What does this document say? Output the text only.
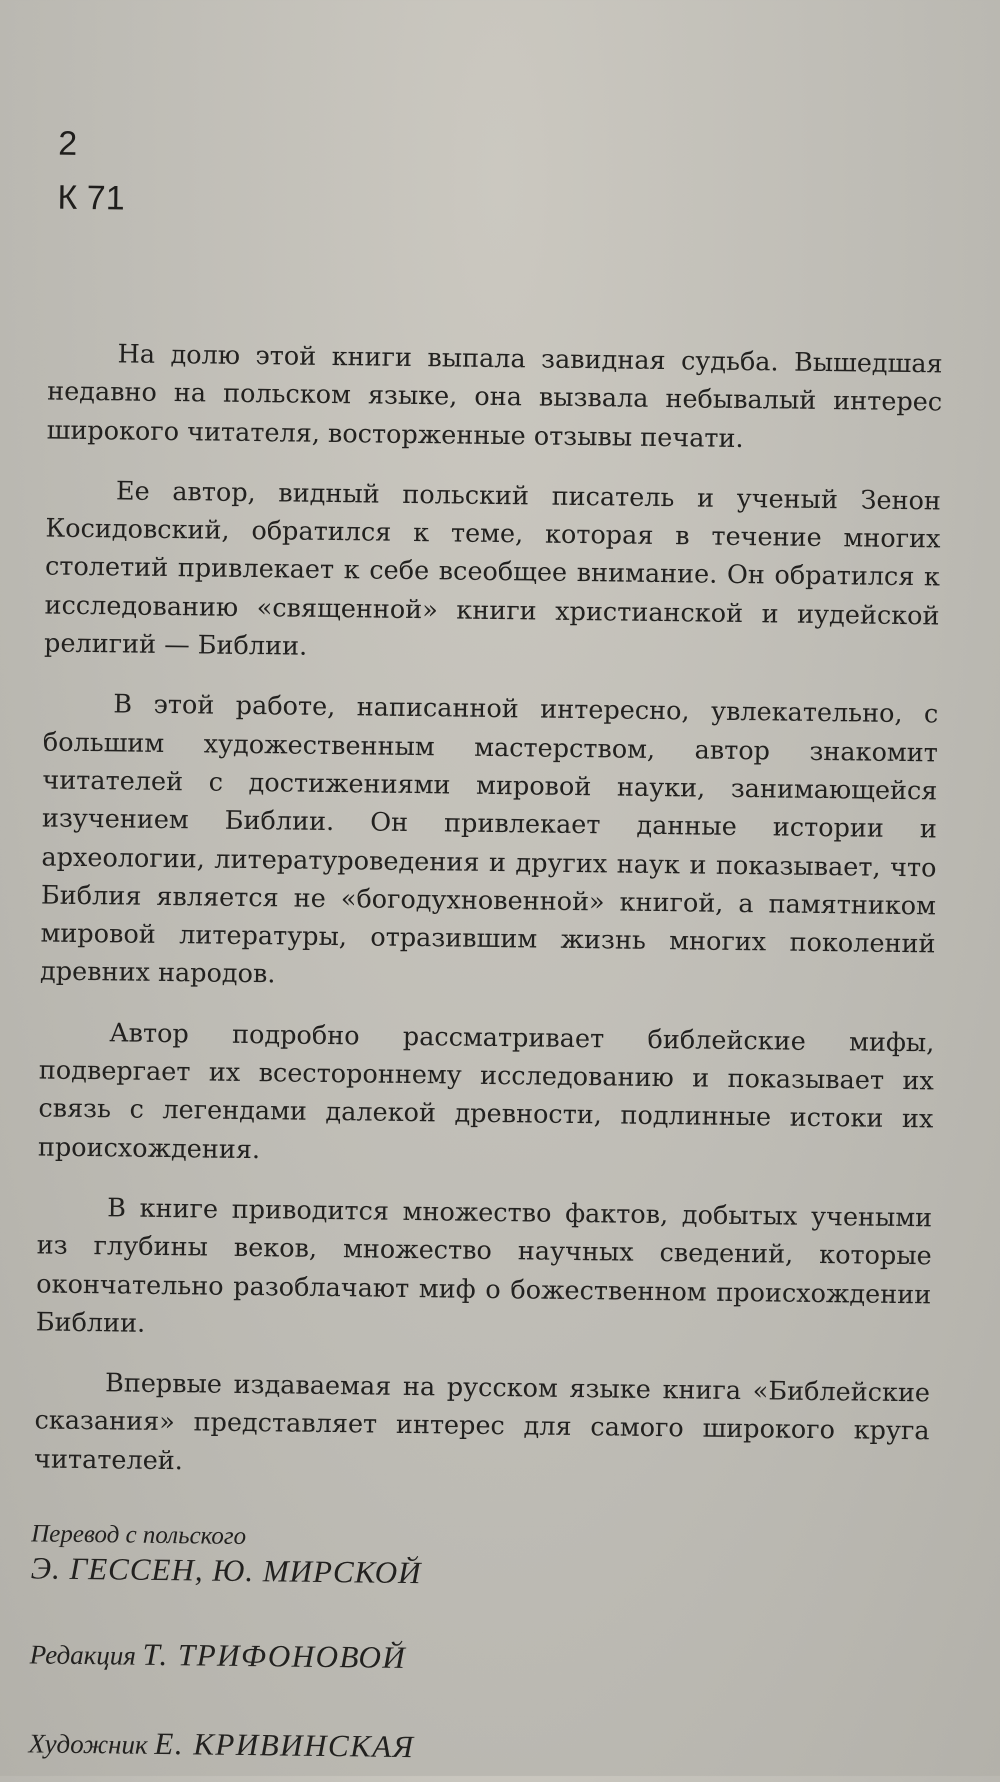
2
К 71

На долю этой книги выпала завидная судьба. Вышедшая недавно на польском языке, она вызвала небывалый интерес широкого читателя, восторженные отзывы печати.

Ее автор, видный польский писатель и ученый Зенон Косидовский, обратился к теме, которая в течение многих столетий привлекает к себе всеобщее внимание. Он обратился к исследованию «священной» книги христианской и иудейской религий — Библии.

В этой работе, написанной интересно, увлекательно, с большим художественным мастерством, автор знакомит читателей с достижениями мировой науки, занимающейся изучением Библии. Он привлекает данные истории и археологии, литературоведения и других наук и показывает, что Библия является не «богодухновенной» книгой, а памятником мировой литературы, отразившим жизнь многих поколений древних народов.

Автор подробно рассматривает библейские мифы, подвергает их всестороннему исследованию и показывает их связь с легендами далекой древности, подлинные истоки их происхождения.

В книге приводится множество фактов, добытых учеными из глубины веков, множество научных сведений, которые окончательно разоблачают миф о божественном происхождении Библии.

Впервые издаваемая на русском языке книга «Библейские сказания» представляет интерес для самого широкого круга читателей.

Перевод с польского
Э. ГЕССЕН, Ю. МИРСКОЙ
Редакция Т. ТРИФОНОВОЙ
Художник Е. КРИВИНСКАЯ
